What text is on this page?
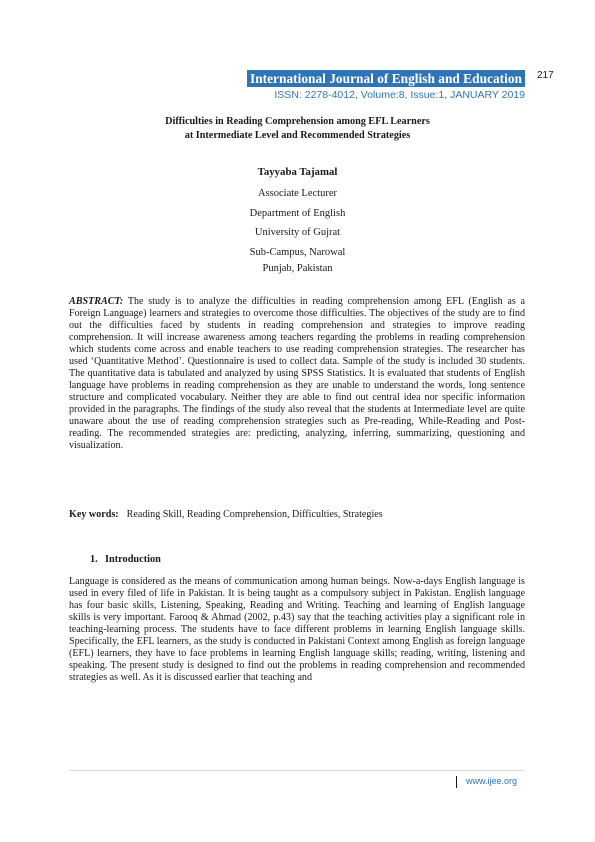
International Journal of English and Education	217
ISSN: 2278-4012, Volume:8, Issue:1, JANUARY 2019
Difficulties in Reading Comprehension among EFL Learners
at Intermediate Level and Recommended Strategies
Tayyaba Tajamal
Associate Lecturer
Department of English
University of Gujrat
Sub-Campus, Narowal
Punjab, Pakistan
ABSTRACT: The study is to analyze the difficulties in reading comprehension among EFL (English as a Foreign Language) learners and strategies to overcome those difficulties. The objectives of the study are to find out the difficulties faced by students in reading comprehension and strategies to improve reading comprehension. It will increase awareness among teachers regarding the problems in reading comprehension which students come across and enable teachers to use reading comprehension strategies. The researcher has used ‘Quantitative Method’. Questionnaire is used to collect data. Sample of the study is included 30 students. The quantitative data is tabulated and analyzed by using SPSS Statistics. It is evaluated that students of English language have problems in reading comprehension as they are unable to understand the words, long sentence structure and complicated vocabulary. Neither they are able to find out central idea nor specific information provided in the paragraphs. The findings of the study also reveal that the students at Intermediate level are quite unaware about the use of reading comprehension strategies such as Pre-reading, While-Reading and Post-reading. The recommended strategies are: predicting, analyzing, inferring, summarizing, questioning and visualization.
Key words: Reading Skill, Reading Comprehension, Difficulties, Strategies
1. Introduction
Language is considered as the means of communication among human beings. Now-a-days English language is used in every filed of life in Pakistan. It is being taught as a compulsory subject in Pakistan. English language has four basic skills, Listening, Speaking, Reading and Writing. Teaching and learning of English language skills is very important. Farooq & Ahmad (2002, p.43) say that the teaching activities play a significant role in teaching-learning process. The students have to face different problems in learning English language skills. Specifically, the EFL learners, as the study is conducted in Pakistani Context among English as foreign language (EFL) learners, they have to face problems in learning English language skills; reading, writing, listening and speaking. The present study is designed to find out the problems in reading comprehension and recommended strategies as well. As it is discussed earlier that teaching and
www.ijee.org
